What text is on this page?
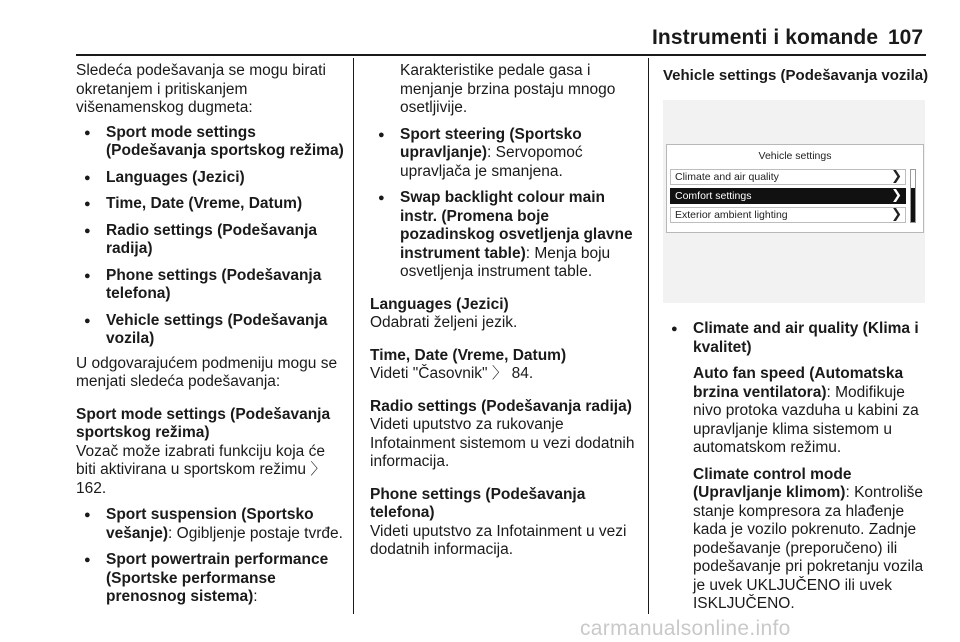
Instrumenti i komande 107

Sledeća podešavanja se mogu birati okretanjem i pritiskanjem višenamenskog dugmeta:

● Sport mode settings (Podešavanja sportskog režima)

● Languages (Jezici)

● Time, Date (Vreme, Datum)

● Radio settings (Podešavanja radija)

● Phone settings (Podešavanja telefona)

● Vehicle settings (Podešavanja vozila)

U odgovarajućem podmeniju mogu se menjati sledeća podešavanja:

Sport mode settings (Podešavanja sportskog režima)

Vozač može izabrati funkciju koja će biti aktivirana u sportskom režimu 〉 162.

● Sport suspension (Sportsko vešanje): Ogibljenje postaje tvrđe.

● Sport powertrain performance (Sportske performanse prenosnog sistema):

Karakteristike pedale gasa i menjanje brzina postaju mnogo osetljivije.

● Sport steering (Sportsko upravljanje): Servopomoć upravljača je smanjena.

● Swap backlight colour main instr. (Promena boje pozadinskog osvetljenja glavne instrument table): Menja boju osvetljenja instrument table.

Languages (Jezici)

Odabrati željeni jezik.

Time, Date (Vreme, Datum)

Videti "Časovnik" 〉 84.

Radio settings (Podešavanja radija)

Videti uputstvo za rukovanje Infotainment sistemom u vezi dodatnih informacija.

Phone settings (Podešavanja telefona)

Videti uputstvo za Infotainment u vezi dodatnih informacija.

Vehicle settings (Podešavanja vozila)

Vehicle settings
Climate and air quality	❯
Comfort settings	❯
Exterior ambient lighting	❯

● Climate and air quality (Klima i kvalitet)

Auto fan speed (Automatska brzina ventilatora): Modifikuje nivo protoka vazduha u kabini za upravljanje klima sistemom u automatskom režimu.

Climate control mode (Upravljanje klimom): Kontroliše stanje kompresora za hlađenje kada je vozilo pokrenuto. Zadnje podešavanje (preporučeno) ili podešavanje pri pokretanju vozila je uvek UKLJUČENO ili uvek ISKLJUČENO.

carmanualsonline.info
